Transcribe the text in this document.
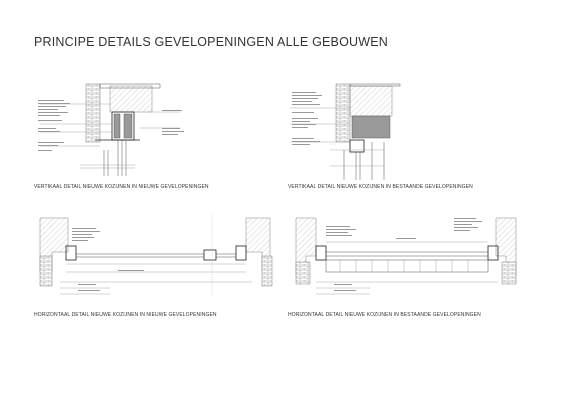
PRINCIPE DETAILS GEVELOPENINGEN ALLE GEBOUWEN
VERTIKAAL DETAIL NIEUWE KOZIJNEN IN NIEUWE GEVELOPENINGEN	VERTIKAAL DETAIL NIEUWE KOZIJNEN IN BESTAANDE GEVELOPENINGEN
HORIZONTAAL DETAIL NIEUWE KOZIJNEN IN NIEUWE GEVELOPENINGEN	HORIZONTAAL DETAIL NIEUWE KOZIJNEN IN BESTAANDE GEVELOPENINGEN
